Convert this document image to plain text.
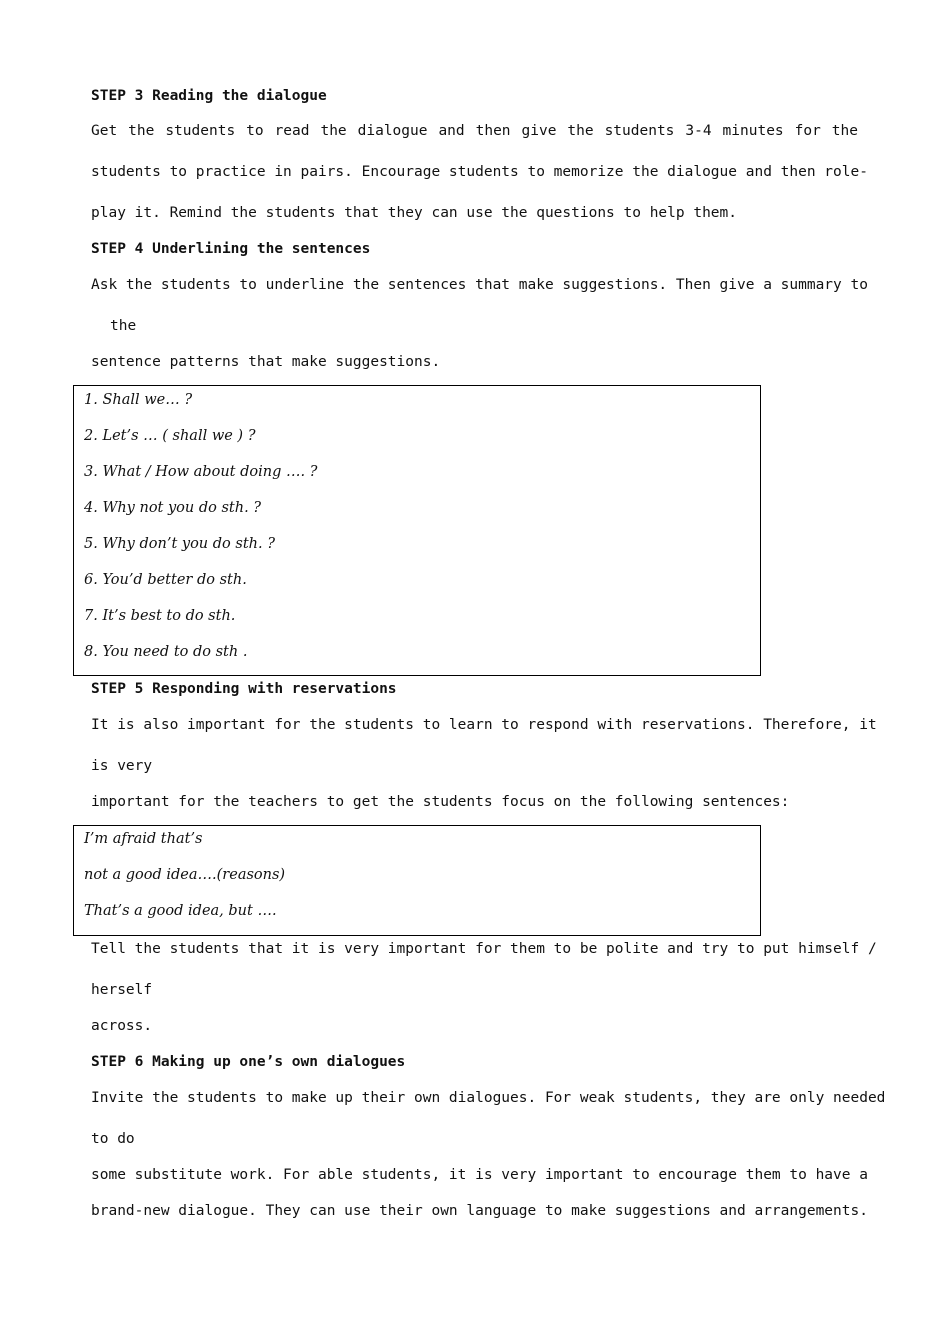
STEP 3 Reading the dialogue
Get the students to read the dialogue and then give the students 3-4 minutes for the
students to practice in pairs. Encourage students to memorize the dialogue and then role-
play it. Remind the students that they can use the questions to help them.
STEP 4 Underlining the sentences
Ask the students to underline the sentences that make suggestions. Then give a summary to
the
sentence patterns that make suggestions.
1. Shall we… ?
2. Let’s … ( shall we ) ?
3. What / How about doing …. ?
4. Why not you do sth. ?
5. Why don’t you do sth. ?
6. You’d better do sth.
7. It’s best to do sth.
8. You need to do sth .
STEP 5 Responding with reservations
It is also important for the students to learn to respond with reservations. Therefore, it
is very
important for the teachers to get the students focus on the following sentences:
I’m afraid that’s
not a good idea….(reasons)
That’s a good idea, but ….
Tell the students that it is very important for them to be polite and try to put himself /
herself
across.
STEP 6 Making up one’s own dialogues
Invite the students to make up their own dialogues. For weak students, they are only needed
to do
some substitute work. For able students, it is very important to encourage them to have a
brand-new dialogue. They can use their own language to make suggestions and arrangements.
